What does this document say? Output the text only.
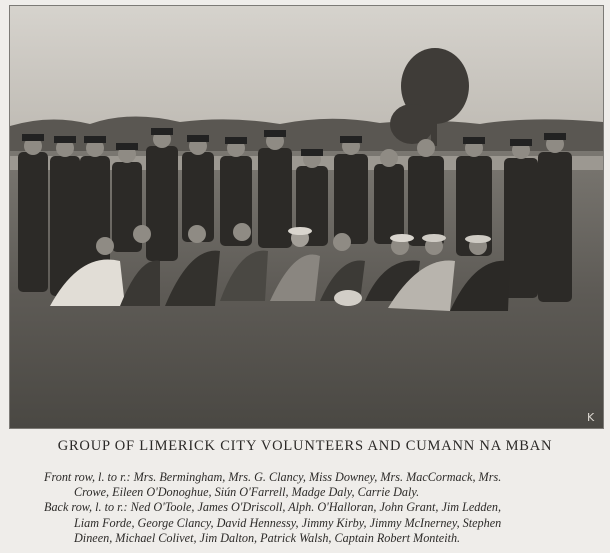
K
GROUP OF LIMERICK CITY VOLUNTEERS AND CUMANN NA MBAN
Front row, l. to r.: Mrs. Bermingham, Mrs. G. Clancy, Miss Downey, Mrs. MacCormack, Mrs.
Crowe, Eileen O'Donoghue, Siún O'Farrell, Madge Daly, Carrie Daly.
Back row, l. to r.: Ned O'Toole, James O'Driscoll, Alph. O'Halloran, John Grant, Jim Ledden,
Liam Forde, George Clancy, David Hennessy, Jimmy Kirby, Jimmy McInerney, Stephen
Dineen, Michael Colivet, Jim Dalton, Patrick Walsh, Captain Robert Monteith.
